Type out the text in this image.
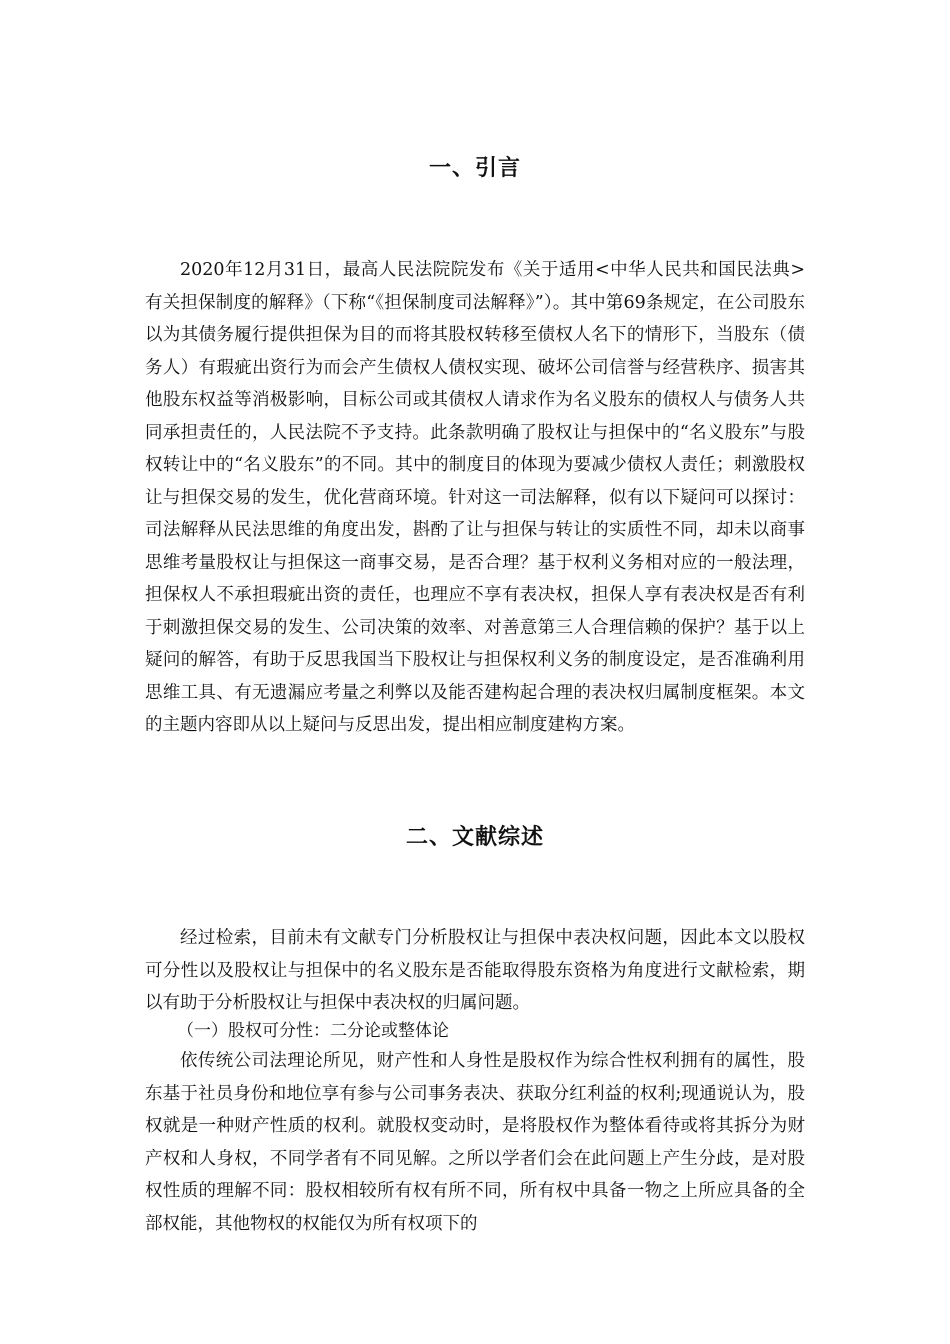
一、引言

2020年12月31日，最高人民法院院发布《关于适用<中华人民共和国民法典>有关担保制度的解释》（下称“《担保制度司法解释》”）。其中第69条规定，在公司股东以为其债务履行提供担保为目的而将其股权转移至债权人名下的情形下，当股东（债务人）有瑕疵出资行为而会产生债权人债权实现、破坏公司信誉与经营秩序、损害其他股东权益等消极影响，目标公司或其债权人请求作为名义股东的债权人与债务人共同承担责任的，人民法院不予支持。此条款明确了股权让与担保中的“名义股东”与股权转让中的“名义股东”的不同。其中的制度目的体现为要减少债权人责任；刺激股权让与担保交易的发生，优化营商环境。针对这一司法解释，似有以下疑问可以探讨：司法解释从民法思维的角度出发，斟酌了让与担保与转让的实质性不同，却未以商事思维考量股权让与担保这一商事交易，是否合理？基于权利义务相对应的一般法理，担保权人不承担瑕疵出资的责任，也理应不享有表决权，担保人享有表决权是否有利于刺激担保交易的发生、公司决策的效率、对善意第三人合理信赖的保护？基于以上疑问的解答，有助于反思我国当下股权让与担保权利义务的制度设定，是否准确利用思维工具、有无遗漏应考量之利弊以及能否建构起合理的表决权归属制度框架。本文的主题内容即从以上疑问与反思出发，提出相应制度建构方案。

二、文献综述

经过检索，目前未有文献专门分析股权让与担保中表决权问题，因此本文以股权可分性以及股权让与担保中的名义股东是否能取得股东资格为角度进行文献检索，期以有助于分析股权让与担保中表决权的归属问题。

（一）股权可分性：二分论或整体论

依传统公司法理论所见，财产性和人身性是股权作为综合性权利拥有的属性，股东基于社员身份和地位享有参与公司事务表决、获取分红利益的权利;现通说认为，股权就是一种财产性质的权利。就股权变动时，是将股权作为整体看待或将其拆分为财产权和人身权，不同学者有不同见解。之所以学者们会在此问题上产生分歧，是对股权性质的理解不同：股权相较所有权有所不同，所有权中具备一物之上所应具备的全部权能，其他物权的权能仅为所有权项下的
